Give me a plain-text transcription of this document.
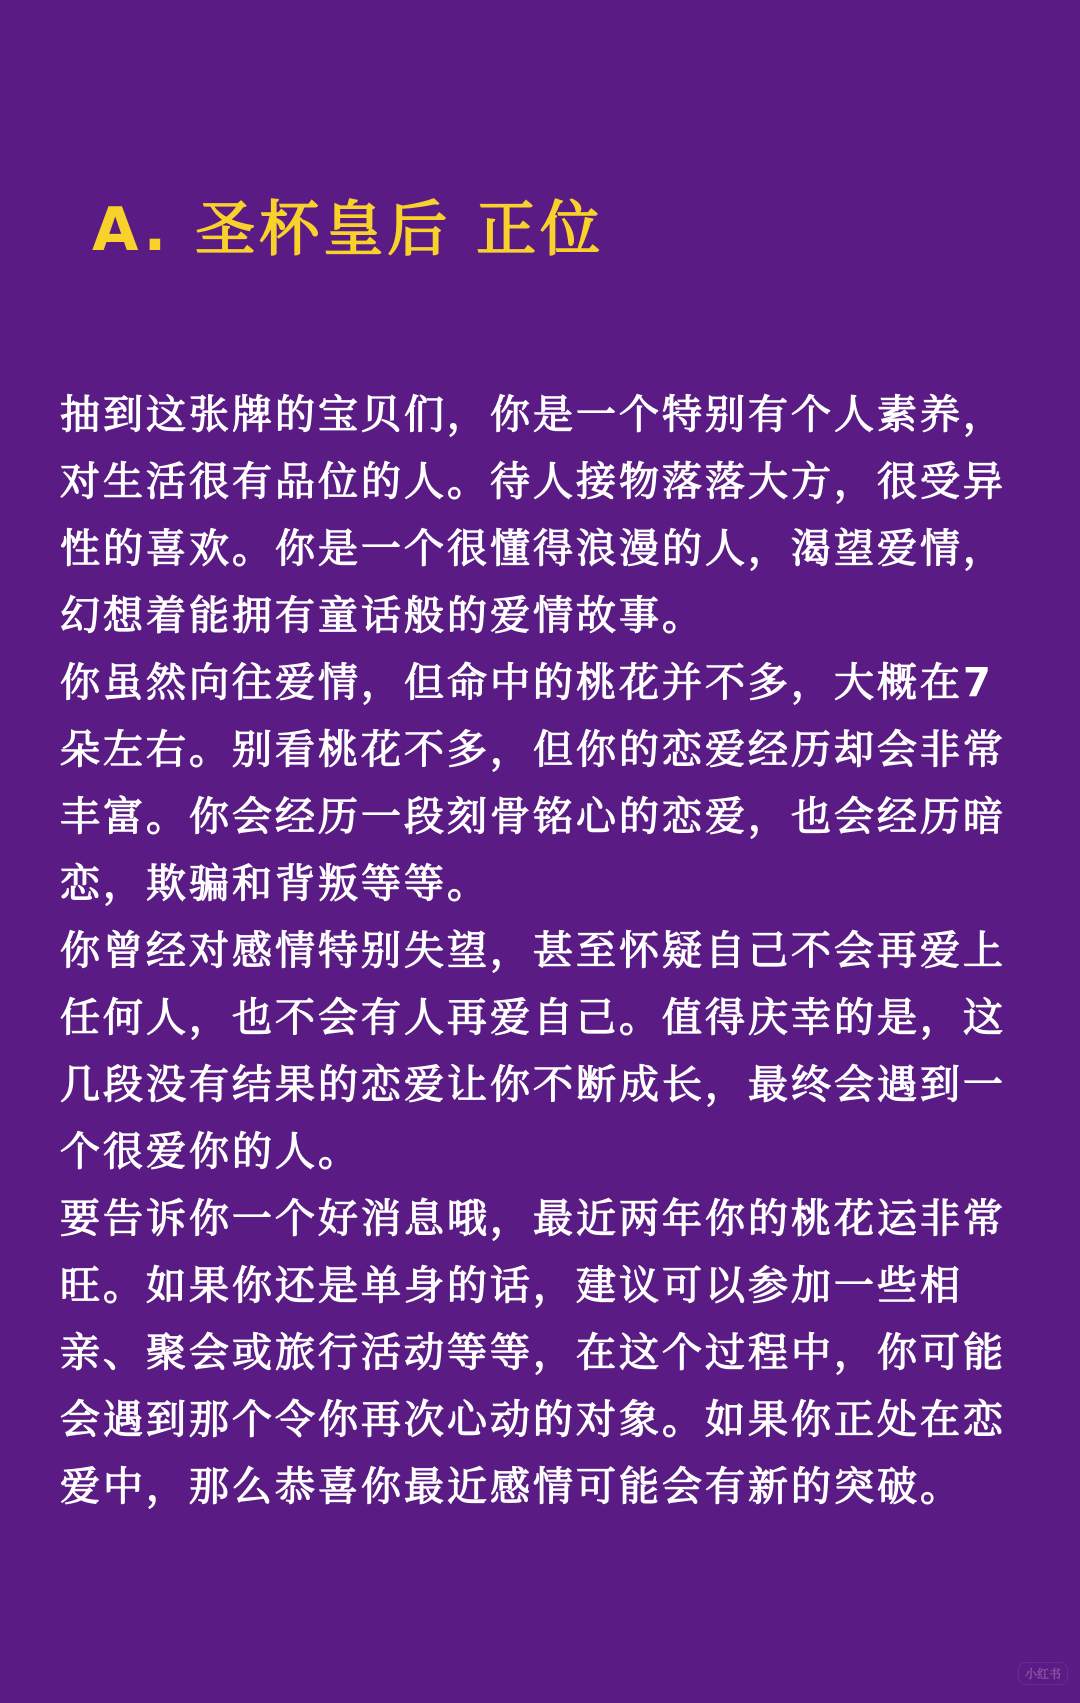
A. 圣杯皇后 正位
抽到这张牌的宝贝们，你是一个特别有个人素养，
对生活很有品位的人。待人接物落落大方，很受异
性的喜欢。你是一个很懂得浪漫的人，渴望爱情，
幻想着能拥有童话般的爱情故事。
你虽然向往爱情，但命中的桃花并不多，大概在7
朵左右。别看桃花不多，但你的恋爱经历却会非常
丰富。你会经历一段刻骨铭心的恋爱，也会经历暗
恋，欺骗和背叛等等。
你曾经对感情特别失望，甚至怀疑自己不会再爱上
任何人，也不会有人再爱自己。值得庆幸的是，这
几段没有结果的恋爱让你不断成长，最终会遇到一
个很爱你的人。
要告诉你一个好消息哦，最近两年你的桃花运非常
旺。如果你还是单身的话，建议可以参加一些相
亲、聚会或旅行活动等等，在这个过程中，你可能
会遇到那个令你再次心动的对象。如果你正处在恋
爱中，那么恭喜你最近感情可能会有新的突破。
小红书
